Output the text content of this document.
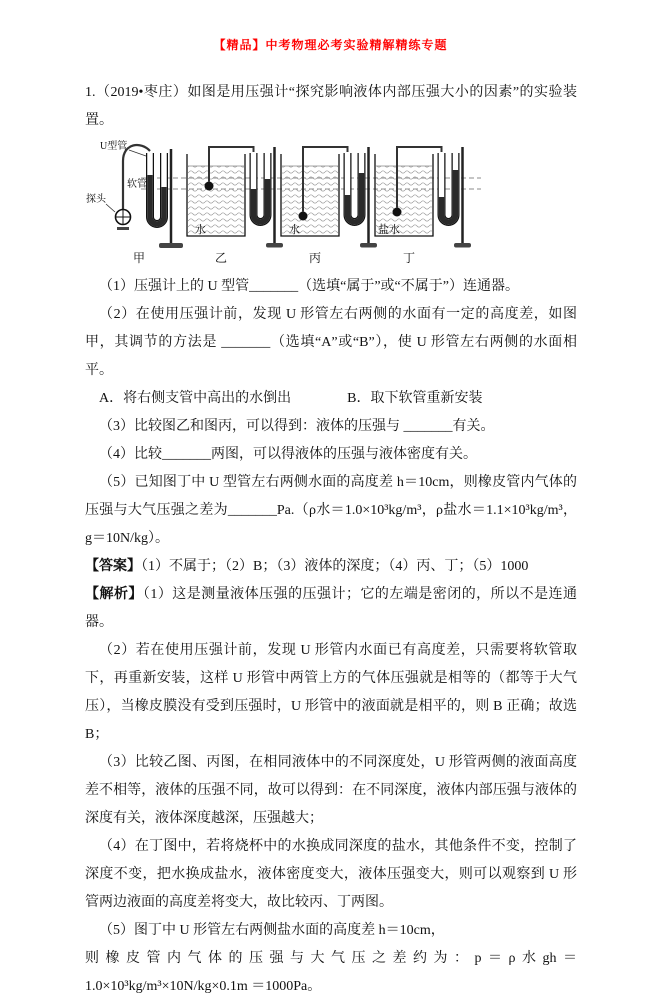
【精品】中考物理必考实验精解精练专题

1.（2019•枣庄）如图是用压强计“探究影响液体内部压强大小的因素”的实验装置。

U型管
软管
探头
甲
水
乙
水
丙
盐水
丁

（1）压强计上的 U 型管_______（选填“属于”或“不属于”）连通器。

（2）在使用压强计前，发现 U 形管左右两侧的水面有一定的高度差，如图甲，其调节的方法是 _______（选填“A”或“B”），使 U 形管左右两侧的水面相平。

A．将右侧支管中高出的水倒出　　　　B．取下软管重新安装

（3）比较图乙和图丙，可以得到：液体的压强与 _______有关。

（4）比较_______两图，可以得液体的压强与液体密度有关。

（5）已知图丁中 U 型管左右两侧水面的高度差 h＝10cm，则橡皮管内气体的压强与大气压强之差为_______Pa.（ρ水＝1.0×10³kg/m³，ρ盐水＝1.1×10³kg/m³，g＝10N/kg）。

【答案】（1）不属于；（2）B；（3）液体的深度；（4）丙、丁；（5）1000

【解析】（1）这是测量液体压强的压强计；它的左端是密闭的，所以不是连通器。

（2）若在使用压强计前，发现 U 形管内水面已有高度差，只需要将软管取下，再重新安装，这样 U 形管中两管上方的气体压强就是相等的（都等于大气压），当橡皮膜没有受到压强时，U 形管中的液面就是相平的，则 B 正确；故选 B；

（3）比较乙图、丙图，在相同液体中的不同深度处，U 形管两侧的液面高度差不相等，液体的压强不同，故可以得到：在不同深度，液体内部压强与液体的深度有关，液体深度越深，压强越大；

（4）在丁图中，若将烧杯中的水换成同深度的盐水，其他条件不变，控制了深度不变，把水换成盐水，液体密度变大，液体压强变大，则可以观察到 U 形管两边液面的高度差将变大，故比较丙、丁两图。

（5）图丁中 U 形管左右两侧盐水面的高度差 h＝10cm，

则橡皮管内气体的压强与大气压之差约为：p＝ρ水gh＝1.0×10³kg/m³×10N/kg×0.1m ＝1000Pa。
